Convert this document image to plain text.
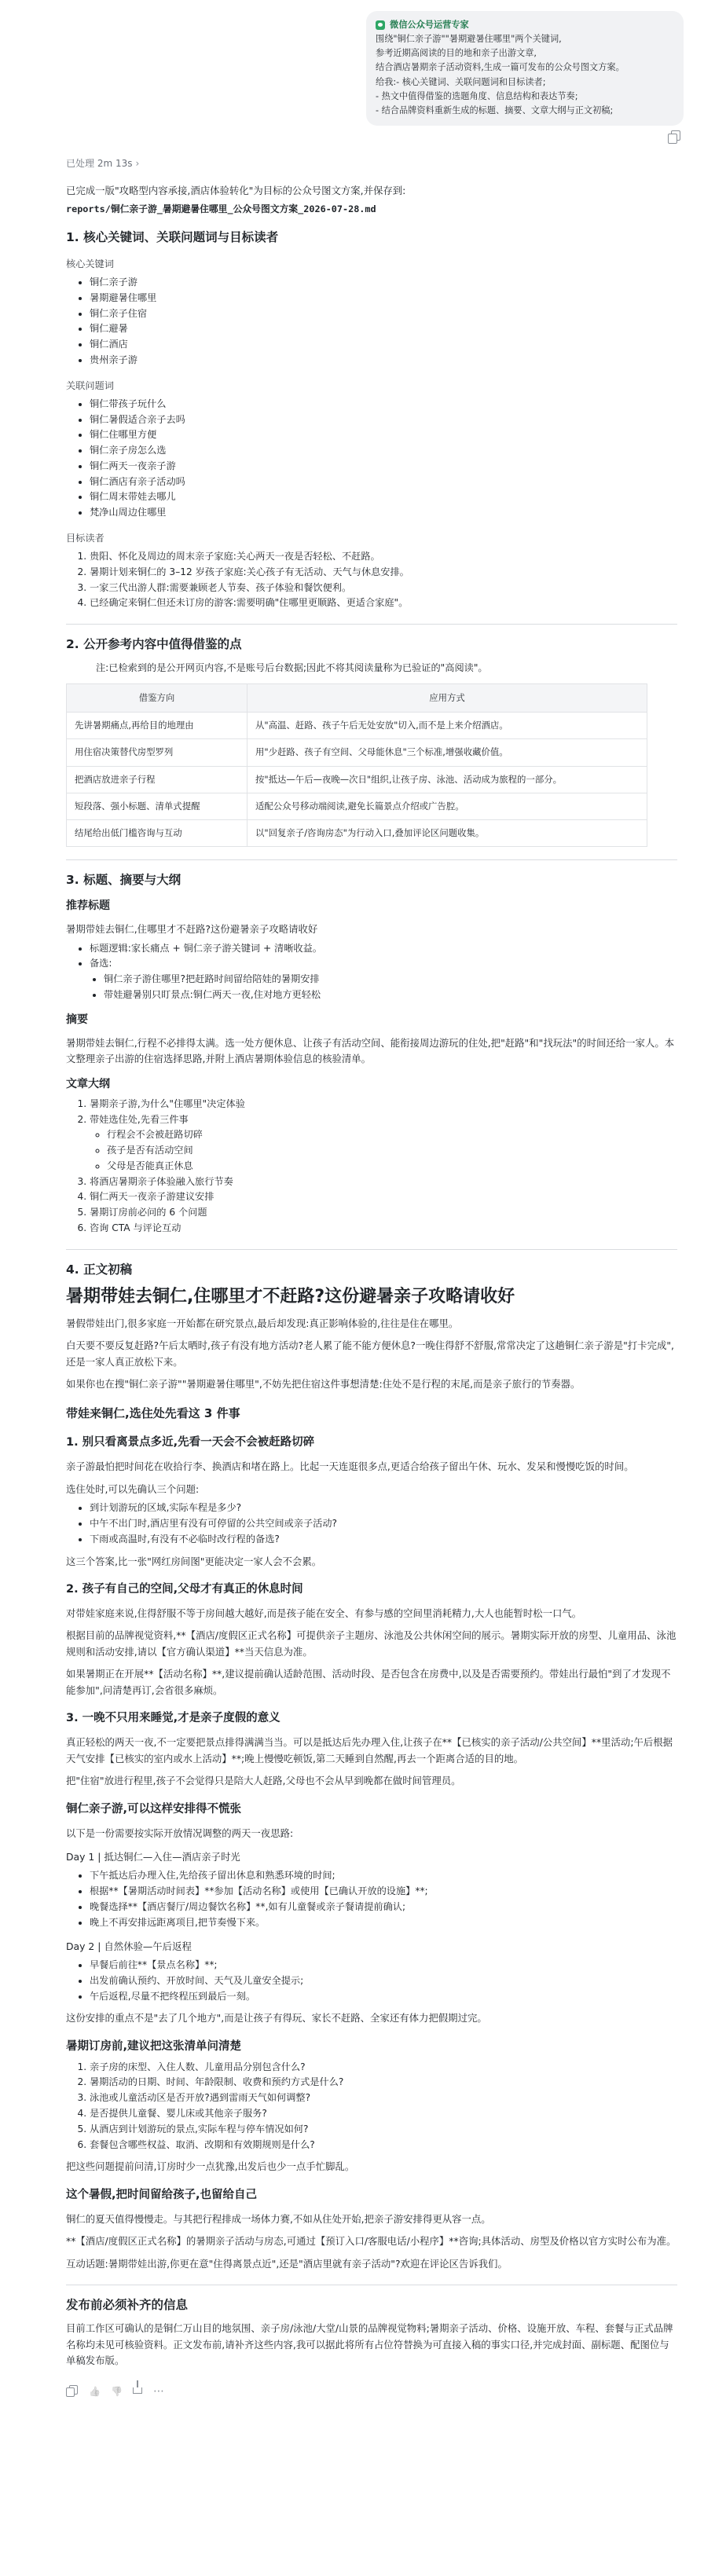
微信公众号运营专家
围绕"铜仁亲子游""暑期避暑住哪里"两个关键词,
参考近期高阅读的目的地和亲子出游文章,
结合酒店暑期亲子活动资料,生成一篇可发布的公众号图文方案。
给我:- 核心关键词、关联问题词和目标读者;
- 热文中值得借鉴的选题角度、信息结构和表达节奏;
- 结合品牌资料重新生成的标题、摘要、文章大纲与正文初稿;
已处理 2m 13s ›
已完成一版"攻略型内容承接,酒店体验转化"为目标的公众号图文方案,并保存到:
reports/铜仁亲子游_暑期避暑住哪里_公众号图文方案_2026-07-28.md
1. 核心关键词、关联问题词与目标读者
核心关键词
• 铜仁亲子游
• 暑期避暑住哪里
• 铜仁亲子住宿
• 铜仁避暑
• 铜仁酒店
• 贵州亲子游
关联问题词
• 铜仁带孩子玩什么
• 铜仁暑假适合亲子去吗
• 铜仁住哪里方便
• 铜仁亲子房怎么选
• 铜仁两天一夜亲子游
• 铜仁酒店有亲子活动吗
• 铜仁周末带娃去哪儿
• 梵净山周边住哪里
目标读者
1. 贵阳、怀化及周边的周末亲子家庭:关心两天一夜是否轻松、不赶路。
2. 暑期计划来铜仁的 3–12 岁孩子家庭:关心孩子有无活动、天气与休息安排。
3. 一家三代出游人群:需要兼顾老人节奏、孩子体验和餐饮便利。
4. 已经确定来铜仁但还未订房的游客:需要明确"住哪里更顺路、更适合家庭"。
2. 公开参考内容中值得借鉴的点
注:已检索到的是公开网页内容,不是账号后台数据;因此不将其阅读量称为已验证的"高阅读"。
借鉴方向	应用方式
先讲暑期痛点,再给目的地理由	从"高温、赶路、孩子午后无处安放"切入,而不是上来介绍酒店。
用住宿决策替代房型罗列	用"少赶路、孩子有空间、父母能休息"三个标准,增强收藏价值。
把酒店放进亲子行程	按"抵达—午后—夜晚—次日"组织,让孩子房、泳池、活动成为旅程的一部分。
短段落、强小标题、清单式提醒	适配公众号移动端阅读,避免长篇景点介绍或广告腔。
结尾给出低门槛咨询与互动	以"回复亲子/咨询房态"为行动入口,叠加评论区问题收集。
3. 标题、摘要与大纲
推荐标题
暑期带娃去铜仁,住哪里才不赶路?这份避暑亲子攻略请收好
• 标题逻辑:家长痛点 + 铜仁亲子游关键词 + 清晰收益。
• 备选:
• 铜仁亲子游住哪里?把赶路时间留给陪娃的暑期安排
• 带娃避暑别只盯景点:铜仁两天一夜,住对地方更轻松
摘要
暑期带娃去铜仁,行程不必排得太满。选一处方便休息、让孩子有活动空间、能衔接周边游玩的住处,把"赶路"和"找玩法"的时间还给一家人。本文整理亲子出游的住宿选择思路,并附上酒店暑期体验信息的核验清单。
文章大纲
1. 暑期亲子游,为什么"住哪里"决定体验
2. 带娃选住处,先看三件事
◦ 行程会不会被赶路切碎
◦ 孩子是否有活动空间
◦ 父母是否能真正休息
3. 将酒店暑期亲子体验融入旅行节奏
4. 铜仁两天一夜亲子游建议安排
5. 暑期订房前必问的 6 个问题
6. 咨询 CTA 与评论互动
4. 正文初稿
暑期带娃去铜仁,住哪里才不赶路?这份避暑亲子攻略请收好
暑假带娃出门,很多家庭一开始都在研究景点,最后却发现:真正影响体验的,往往是住在哪里。
白天要不要反复赶路?午后太晒时,孩子有没有地方活动?老人累了能不能方便休息?一晚住得舒不舒服,常常决定了这趟铜仁亲子游是"打卡完成",还是一家人真正放松下来。
如果你也在搜"铜仁亲子游""暑期避暑住哪里",不妨先把住宿这件事想清楚:住处不是行程的末尾,而是亲子旅行的节奏器。
带娃来铜仁,选住处先看这 3 件事
1. 别只看离景点多近,先看一天会不会被赶路切碎
亲子游最怕把时间花在收拾行李、换酒店和堵在路上。比起一天连逛很多点,更适合给孩子留出午休、玩水、发呆和慢慢吃饭的时间。
选住处时,可以先确认三个问题:
• 到计划游玩的区域,实际车程是多少?
• 中午不出门时,酒店里有没有可停留的公共空间或亲子活动?
• 下雨或高温时,有没有不必临时改行程的备选?
这三个答案,比一张"网红房间图"更能决定一家人会不会累。
2. 孩子有自己的空间,父母才有真正的休息时间
对带娃家庭来说,住得舒服不等于房间越大越好,而是孩子能在安全、有参与感的空间里消耗精力,大人也能暂时松一口气。
根据目前的品牌视觉资料,**【酒店/度假区正式名称】可提供亲子主题房、泳池及公共休闲空间的展示。暑期实际开放的房型、儿童用品、泳池规则和活动安排,请以【官方确认渠道】**当天信息为准。
如果暑期正在开展**【活动名称】**,建议提前确认适龄范围、活动时段、是否包含在房费中,以及是否需要预约。带娃出行最怕"到了才发现不能参加",问清楚再订,会省很多麻烦。
3. 一晚不只用来睡觉,才是亲子度假的意义
真正轻松的两天一夜,不一定要把景点排得满满当当。可以是抵达后先办理入住,让孩子在**【已核实的亲子活动/公共空间】**里活动;午后根据天气安排【已核实的室内或水上活动】**;晚上慢慢吃顿饭,第二天睡到自然醒,再去一个距离合适的目的地。
把"住宿"放进行程里,孩子不会觉得只是陪大人赶路,父母也不会从早到晚都在做时间管理员。
铜仁亲子游,可以这样安排得不慌张
以下是一份需要按实际开放情况调整的两天一夜思路:
Day 1 | 抵达铜仁—入住—酒店亲子时光
• 下午抵达后办理入住,先给孩子留出休息和熟悉环境的时间;
• 根据**【暑期活动时间表】**参加【活动名称】或使用【已确认开放的设施】**;
• 晚餐选择**【酒店餐厅/周边餐饮名称】**,如有儿童餐或亲子餐请提前确认;
• 晚上不再安排远距离项目,把节奏慢下来。
Day 2 | 自然休验—午后返程
• 早餐后前往**【景点名称】**;
• 出发前确认预约、开放时间、天气及儿童安全提示;
• 午后返程,尽量不把终程压到最后一刻。
这份安排的重点不是"去了几个地方",而是让孩子有得玩、家长不赶路、全家还有体力把假期过完。
暑期订房前,建议把这张清单问清楚
1. 亲子房的床型、入住人数、儿童用品分别包含什么?
2. 暑期活动的日期、时间、年龄限制、收费和预约方式是什么?
3. 泳池或儿童活动区是否开放?遇到雷雨天气如何调整?
4. 是否提供儿童餐、婴儿床或其他亲子服务?
5. 从酒店到计划游玩的景点,实际车程与停车情况如何?
6. 套餐包含哪些权益、取消、改期和有效期规则是什么?
把这些问题提前问清,订房时少一点犹豫,出发后也少一点手忙脚乱。
这个暑假,把时间留给孩子,也留给自己
铜仁的夏天值得慢慢走。与其把行程排成一场体力赛,不如从住处开始,把亲子游安排得更从容一点。
**【酒店/度假区正式名称】的暑期亲子活动与房态,可通过【预订入口/客服电话/小程序】**咨询;具体活动、房型及价格以官方实时公布为准。
互动话题:暑期带娃出游,你更在意"住得离景点近",还是"酒店里就有亲子活动"?欢迎在评论区告诉我们。
发布前必须补齐的信息
目前工作区可确认的是铜仁万山目的地氛围、亲子房/泳池/大堂/山景的品牌视觉物料;暑期亲子活动、价格、设施开放、车程、套餐与正式品牌名称均未见可核验资料。正文发布前,请补齐这些内容,我可以据此将所有占位符替换为可直接入稿的事实口径,并完成封面、副标题、配图位与单稿发布版。
👍
👎
⋯
